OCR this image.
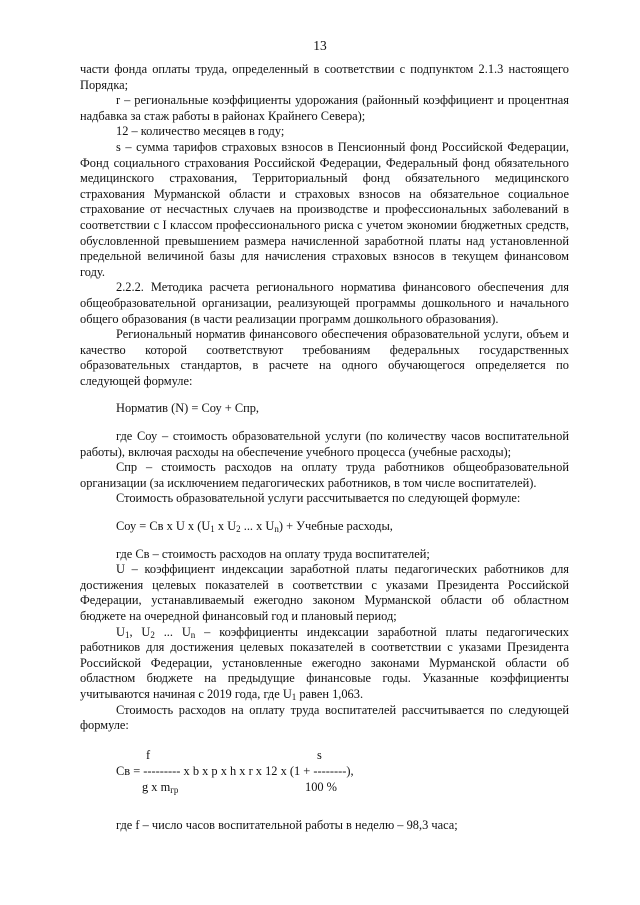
13

части фонда оплаты труда, определенный в соответствии с подпунктом 2.1.3 настоящего Порядка;

r – региональные коэффициенты удорожания (районный коэффициент и процентная надбавка за стаж работы в районах Крайнего Севера);

12 – количество месяцев в году;

s – сумма тарифов страховых взносов в Пенсионный фонд Российской Федерации, Фонд социального страхования Российской Федерации, Федеральный фонд обязательного медицинского страхования, Территориальный фонд обязательного медицинского страхования Мурманской области и страховых взносов на обязательное социальное страхование от несчастных случаев на производстве и профессиональных заболеваний в соответствии с I классом профессионального риска с учетом экономии бюджетных средств, обусловленной превышением размера начисленной заработной платы над установленной предельной величиной базы для начисления страховых взносов в текущем финансовом году.

2.2.2. Методика расчета регионального норматива финансового обеспечения для общеобразовательной организации, реализующей программы дошкольного и начального общего образования (в части реализации программ дошкольного образования).

Региональный норматив финансового обеспечения образовательной услуги, объем и качество которой соответствуют требованиям федеральных государственных образовательных стандартов, в расчете на одного обучающегося определяется по следующей формуле:

Норматив (N) = Соу + Спр,

где Соу – стоимость образовательной услуги (по количеству часов воспитательной работы), включая расходы на обеспечение учебного процесса (учебные расходы);

Спр – стоимость расходов на оплату труда работников общеобразовательной организации (за исключением педагогических работников, в том числе воспитателей).

Стоимость образовательной услуги рассчитывается по следующей формуле:

Соу = Св x U x ($U_1$ x $U_2$ ... x $U_n$) + Учебные расходы,

где Св – стоимость расходов на оплату труда воспитателей;

U – коэффициент индексации заработной платы педагогических работников для достижения целевых показателей в соответствии с указами Президента Российской Федерации, устанавливаемый ежегодно законом Мурманской области об областном бюджете на очередной финансовый год и плановый период;

$U_1$, $U_2$ ... $U_n$ – коэффициенты индексации заработной платы педагогических работников для достижения целевых показателей в соответствии с указами Президента Российской Федерации, установленные ежегодно законами Мурманской области об областном бюджете на предыдущие финансовые годы. Указанные коэффициенты учитываются начиная с 2019 года, где $U_1$ равен 1,063.

Стоимость расходов на оплату труда воспитателей рассчитывается по следующей формуле:

f	s
Св = --------- x b x p x h x r x 12 x (1 + --------),
g x $m_{гр}$	100 %

где f – число часов воспитательной работы в неделю – 98,3 часа;
